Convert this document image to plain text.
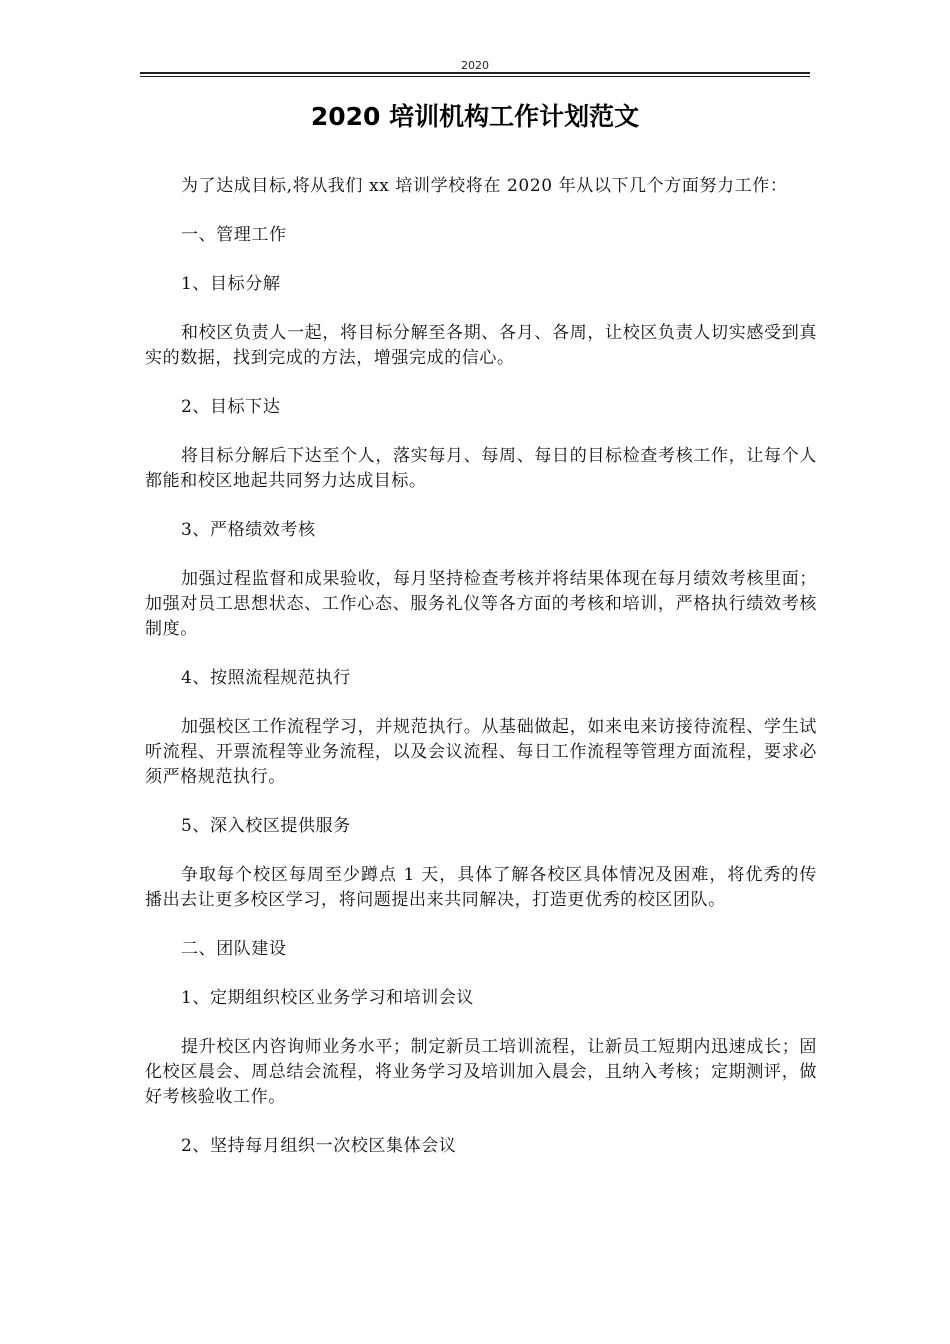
2020
2020 培训机构工作计划范文

为了达成目标,将从我们 xx 培训学校将在 2020 年从以下几个方面努力工作：

一、管理工作

1、目标分解

和校区负责人一起，将目标分解至各期、各月、各周，让校区负责人切实感受到真实的数据，找到完成的方法，增强完成的信心。

2、目标下达

将目标分解后下达至个人，落实每月、每周、每日的目标检查考核工作，让每个人都能和校区地起共同努力达成目标。

3、严格绩效考核

加强过程监督和成果验收，每月坚持检查考核并将结果体现在每月绩效考核里面；加强对员工思想状态、工作心态、服务礼仪等各方面的考核和培训，严格执行绩效考核制度。

4、按照流程规范执行

加强校区工作流程学习，并规范执行。从基础做起，如来电来访接待流程、学生试听流程、开票流程等业务流程，以及会议流程、每日工作流程等管理方面流程，要求必须严格规范执行。

5、深入校区提供服务

争取每个校区每周至少蹲点 1 天，具体了解各校区具体情况及困难，将优秀的传播出去让更多校区学习，将问题提出来共同解决，打造更优秀的校区团队。

二、团队建设

1、定期组织校区业务学习和培训会议

提升校区内咨询师业务水平；制定新员工培训流程，让新员工短期内迅速成长；固化校区晨会、周总结会流程，将业务学习及培训加入晨会，且纳入考核；定期测评，做好考核验收工作。

2、坚持每月组织一次校区集体会议
